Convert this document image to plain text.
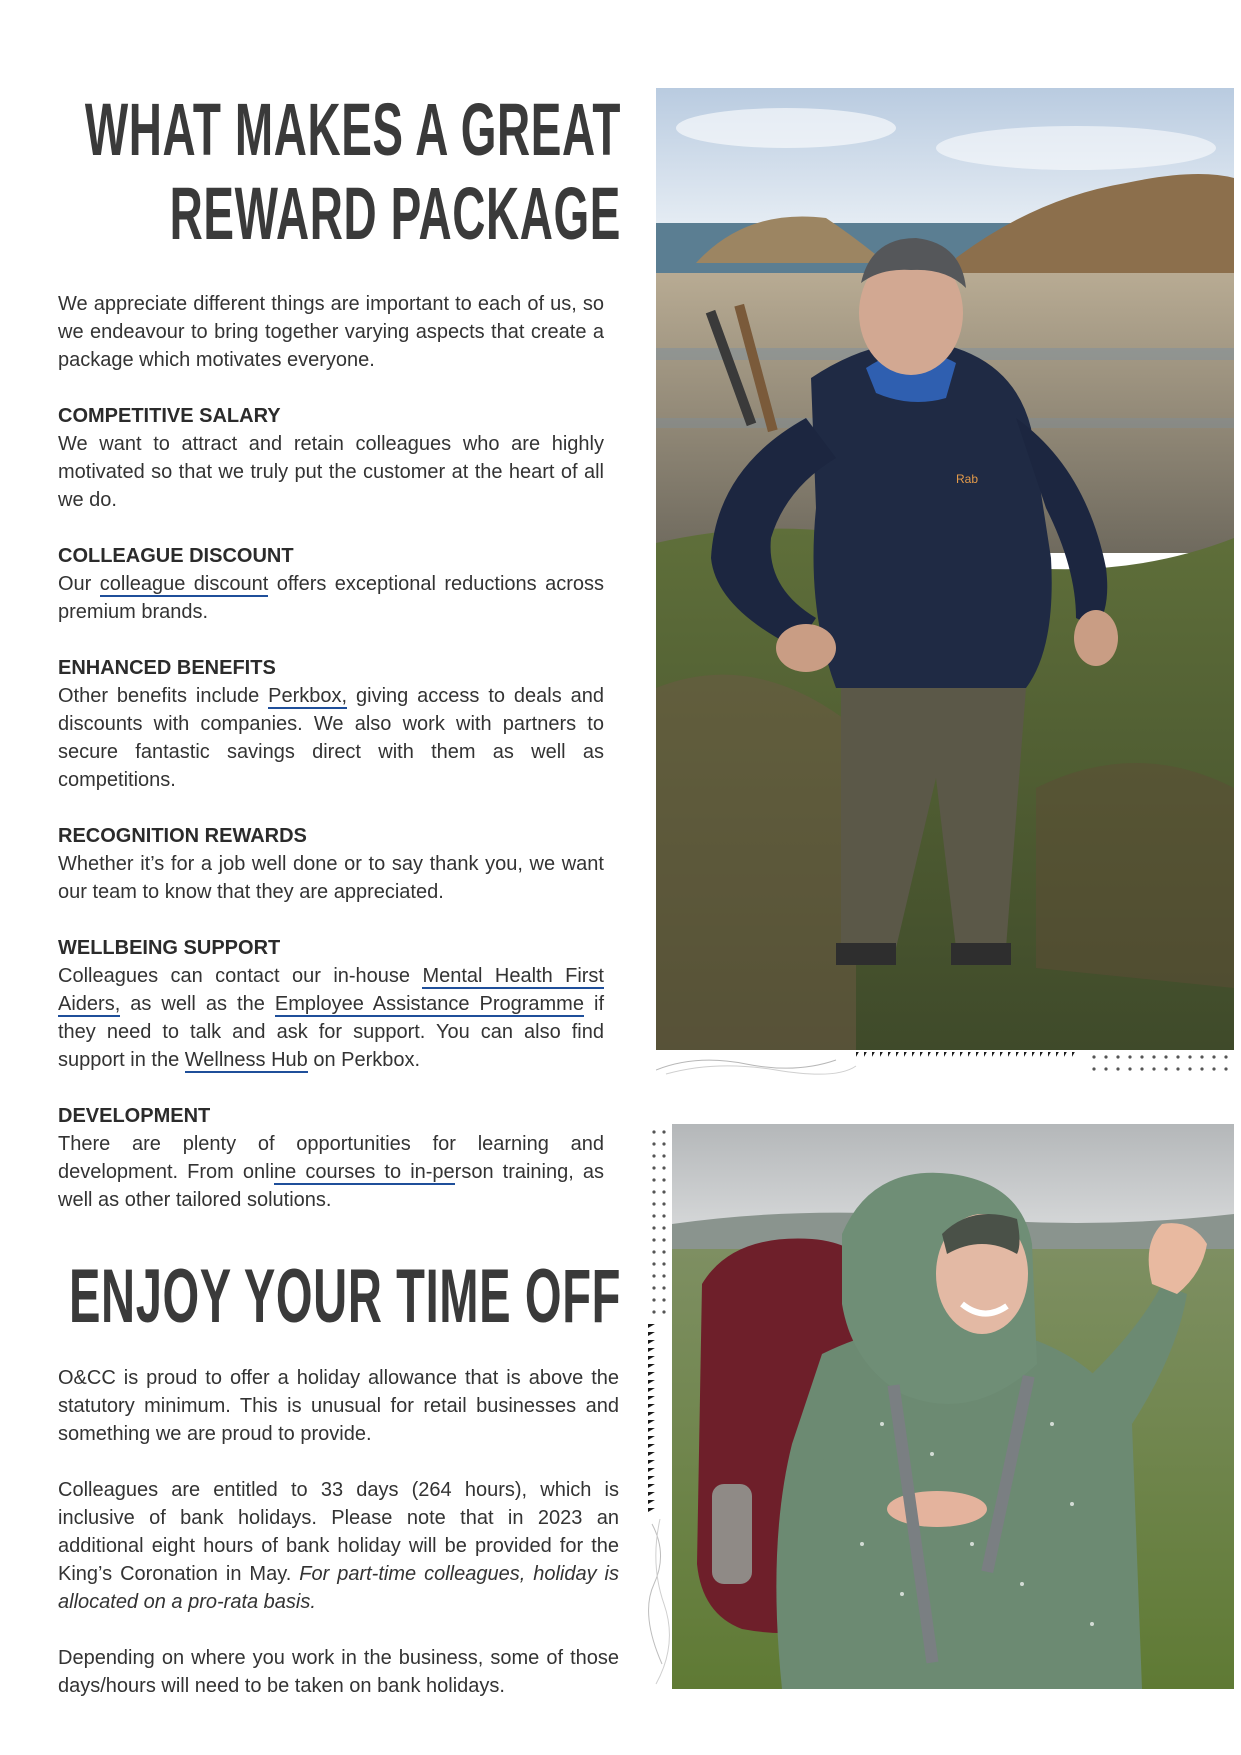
WHAT MAKES A GREAT REWARD PACKAGE

We appreciate different things are important to each of us, so we endeavour to bring together varying aspects that create a package which motivates everyone.

COMPETITIVE SALARY

We want to attract and retain colleagues who are highly motivated so that we truly put the customer at the heart of all we do.

COLLEAGUE DISCOUNT

Our colleague discount offers exceptional reductions across premium brands.

ENHANCED BENEFITS

Other benefits include Perkbox, giving access to deals and discounts with companies. We also work with partners to secure fantastic savings direct with them as well as competitions.

RECOGNITION REWARDS

Whether it’s for a job well done or to say thank you, we want our team to know that they are appreciated.

WELLBEING SUPPORT

Colleagues can contact our in-house Mental Health First Aiders, as well as the Employee Assistance Programme if they need to talk and ask for support. You can also find support in the Wellness Hub on Perkbox.

DEVELOPMENT

There are plenty of opportunities for learning and development. From online courses to in-person training, as well as other tailored solutions.

ENJOY YOUR TIME OFF

O&CC is proud to offer a holiday allowance that is above the statutory minimum. This is unusual for retail businesses and something we are proud to provide.

Colleagues are entitled to 33 days (264 hours), which is inclusive of bank holidays. Please note that in 2023 an additional eight hours of bank holiday will be provided for the King’s Coronation in May. For part-time colleagues, holiday is allocated on a pro-rata basis.

Depending on where you work in the business, some of those days/hours will need to be taken on bank holidays.

Rab
